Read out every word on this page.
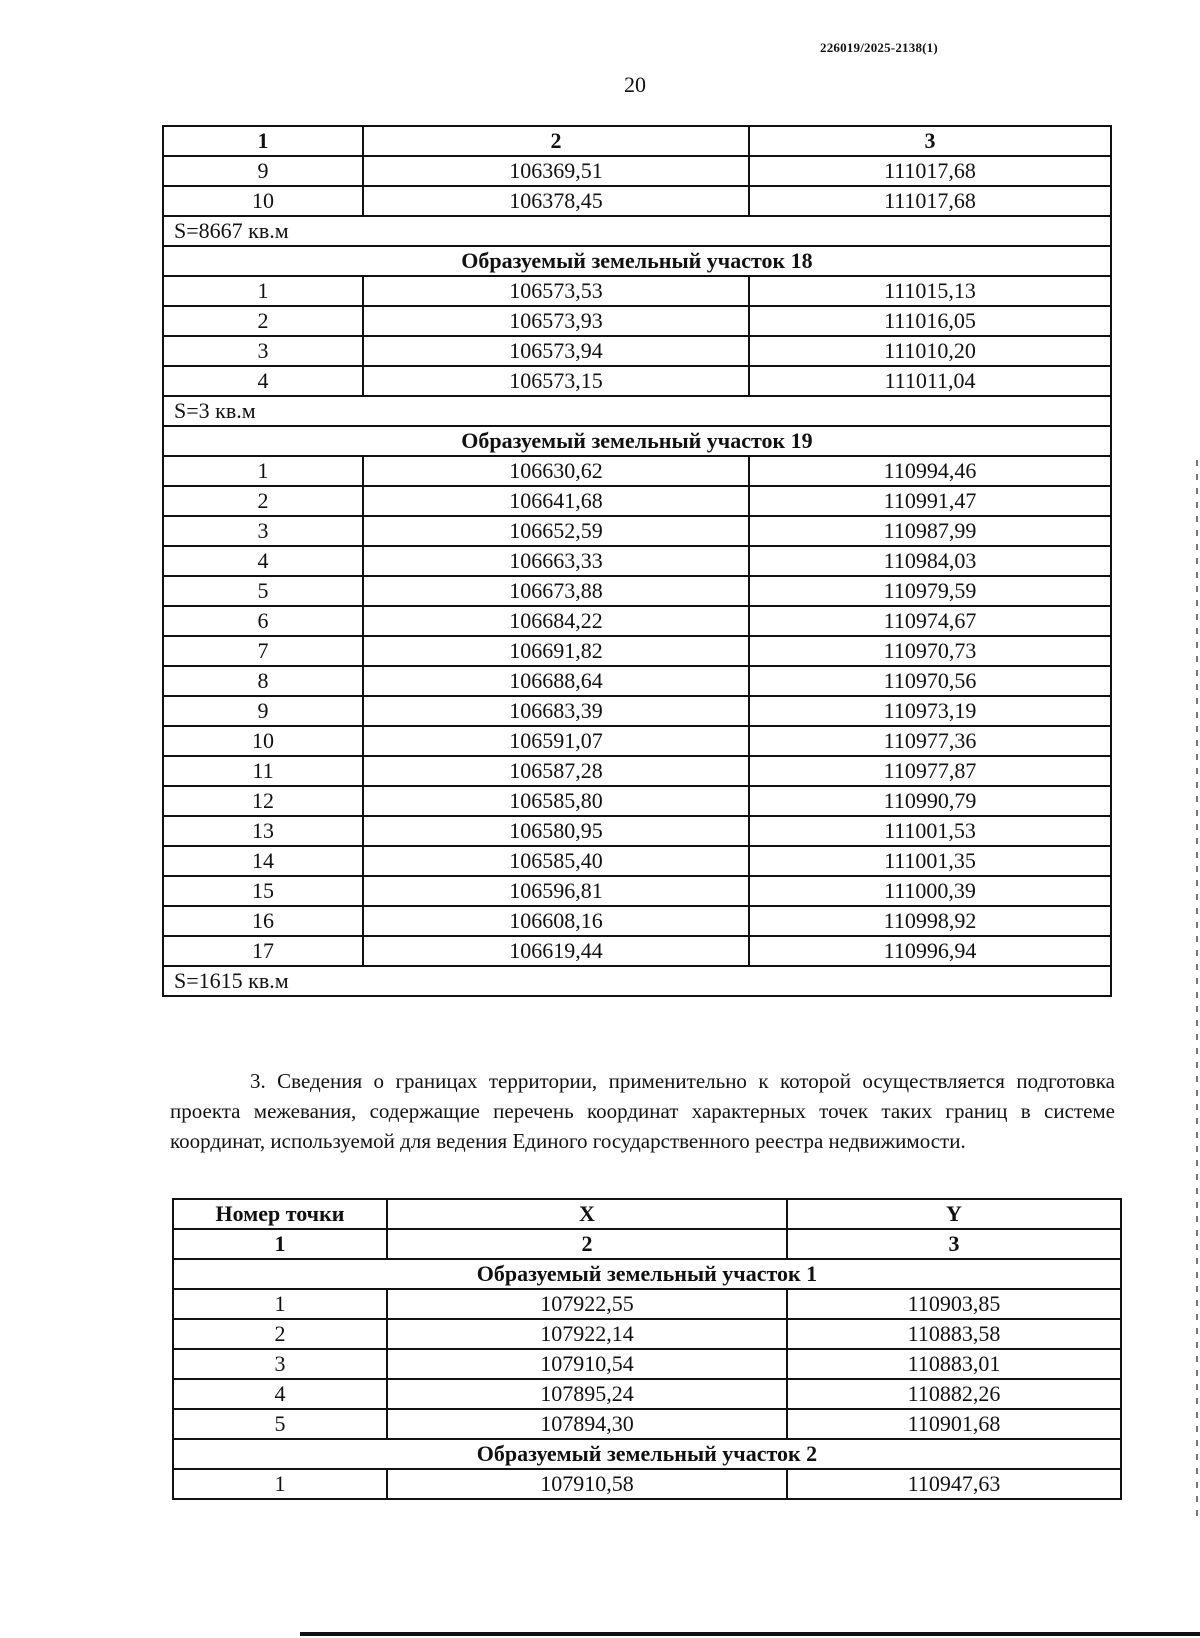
226019/2025-2138(1)
20
1	2	3
9	106369,51	111017,68
10	106378,45	111017,68
S=8667 кв.м		
Образуемый земельный участок 18		
1	106573,53	111015,13
2	106573,93	111016,05
3	106573,94	111010,20
4	106573,15	111011,04
S=3 кв.м		
Образуемый земельный участок 19		
1	106630,62	110994,46
2	106641,68	110991,47
3	106652,59	110987,99
4	106663,33	110984,03
5	106673,88	110979,59
6	106684,22	110974,67
7	106691,82	110970,73
8	106688,64	110970,56
9	106683,39	110973,19
10	106591,07	110977,36
11	106587,28	110977,87
12	106585,80	110990,79
13	106580,95	111001,53
14	106585,40	111001,35
15	106596,81	111000,39
16	106608,16	110998,92
17	106619,44	110996,94
S=1615 кв.м		
3. Сведения о границах территории, применительно к которой осуществляется подготовка проекта межевания, содержащие перечень координат характерных точек таких границ в системе координат, используемой для ведения Единого государственного реестра недвижимости.
Номер точки	X	Y
1	2	3
Образуемый земельный участок 1		
1	107922,55	110903,85
2	107922,14	110883,58
3	107910,54	110883,01
4	107895,24	110882,26
5	107894,30	110901,68
Образуемый земельный участок 2		
1	107910,58	110947,63
